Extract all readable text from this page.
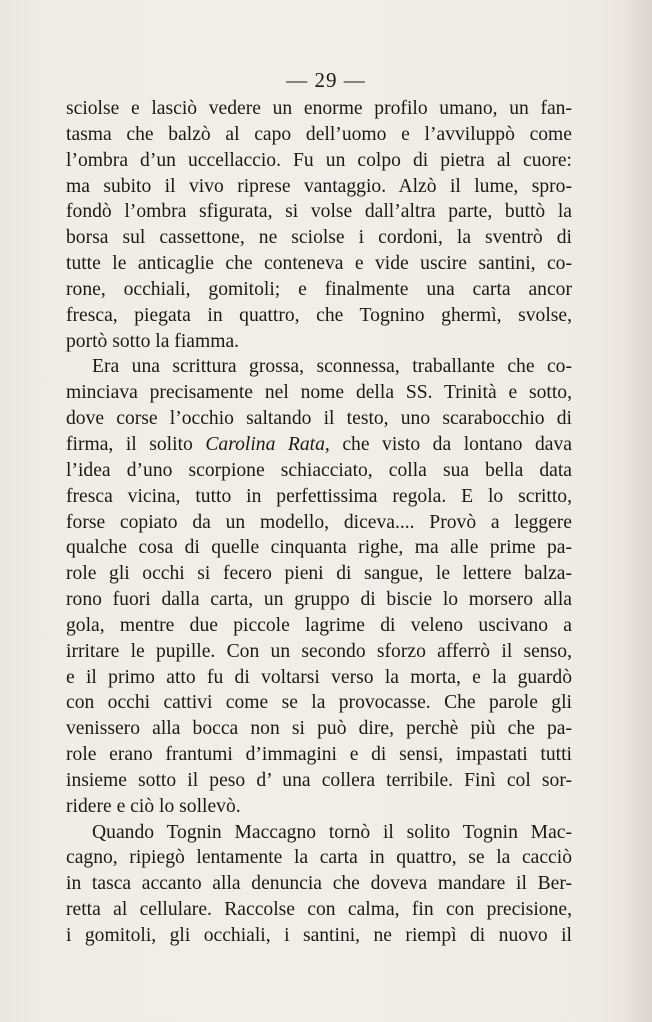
— 29 —
sciolse e lasciò vedere un enorme profilo umano, un fan-
tasma che balzò al capo dell’uomo e l’avviluppò come
l’ombra d’un uccellaccio. Fu un colpo di pietra al cuore:
ma subito il vivo riprese vantaggio. Alzò il lume, spro-
fondò l’ombra sfigurata, si volse dall’altra parte, buttò la
borsa sul cassettone, ne sciolse i cordoni, la sventrò di
tutte le anticaglie che conteneva e vide uscire santini, co-
rone, occhiali, gomitoli; e finalmente una carta ancor
fresca, piegata in quattro, che Tognino ghermì, svolse,
portò sotto la fiamma.
Era una scrittura grossa, sconnessa, traballante che co-
minciava precisamente nel nome della SS. Trinità e sotto,
dove corse l’occhio saltando il testo, uno scarabocchio di
firma, il solito Carolina Rata, che visto da lontano dava
l’idea d’uno scorpione schiacciato, colla sua bella data
fresca vicina, tutto in perfettissima regola. E lo scritto,
forse copiato da un modello, diceva.... Provò a leggere
qualche cosa di quelle cinquanta righe, ma alle prime pa-
role gli occhi si fecero pieni di sangue, le lettere balza-
rono fuori dalla carta, un gruppo di biscie lo morsero alla
gola, mentre due piccole lagrime di veleno uscivano a
irritare le pupille. Con un secondo sforzo afferrò il senso,
e il primo atto fu di voltarsi verso la morta, e la guardò
con occhi cattivi come se la provocasse. Che parole gli
venissero alla bocca non si può dire, perchè più che pa-
role erano frantumi d’immagini e di sensi, impastati tutti
insieme sotto il peso d’ una collera terribile. Finì col sor-
ridere e ciò lo sollevò.
Quando Tognin Maccagno tornò il solito Tognin Mac-
cagno, ripiegò lentamente la carta in quattro, se la cacciò
in tasca accanto alla denuncia che doveva mandare il Ber-
retta al cellulare. Raccolse con calma, fin con precisione,
i gomitoli, gli occhiali, i santini, ne riempì di nuovo il
